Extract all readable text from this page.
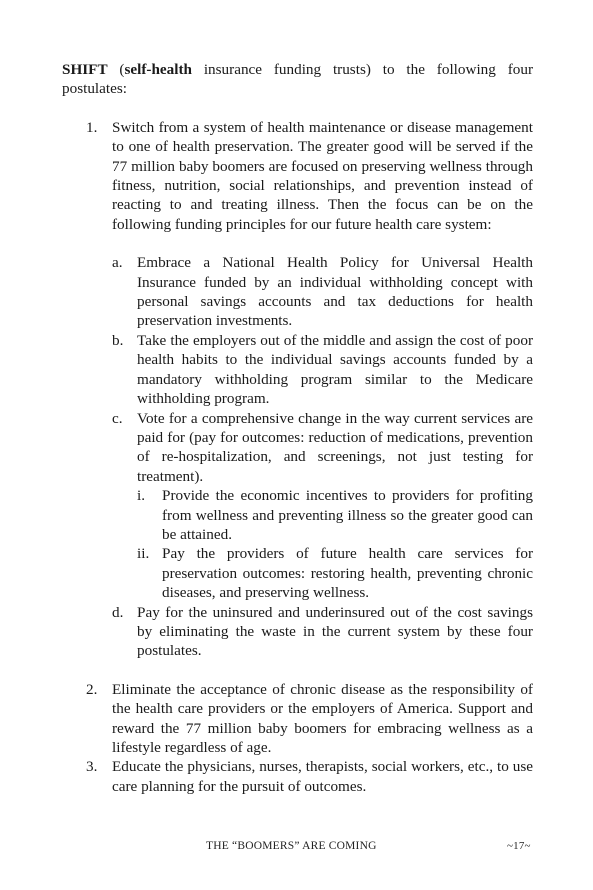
SHIFT (self-health insurance funding trusts) to the following four postulates:

1. Switch from a system of health maintenance or disease management to one of health preservation. The greater good will be served if the 77 million baby boomers are focused on preserving wellness through fitness, nutrition, social relationships, and prevention instead of reacting to and treating illness. Then the focus can be on the following funding principles for our future health care system:
a. Embrace a National Health Policy for Universal Health Insurance funded by an individual withholding concept with personal savings accounts and tax deductions for health preservation investments.
b. Take the employers out of the middle and assign the cost of poor health habits to the individual savings accounts funded by a mandatory withholding program similar to the Medicare withholding program.
c. Vote for a comprehensive change in the way current services are paid for (pay for outcomes: reduction of medications, prevention of re-hospitalization, and screenings, not just testing for treatment).
i. Provide the economic incentives to providers for profiting from wellness and preventing illness so the greater good can be attained.
ii. Pay the providers of future health care services for preservation outcomes: restoring health, preventing chronic diseases, and preserving wellness.
d. Pay for the uninsured and underinsured out of the cost savings by eliminating the waste in the current system by these four postulates.
2. Eliminate the acceptance of chronic disease as the responsibility of the health care providers or the employers of America. Support and reward the 77 million baby boomers for embracing wellness as a lifestyle regardless of age.
3. Educate the physicians, nurses, therapists, social workers, etc., to use care planning for the pursuit of outcomes.
THE “BOOMERS” ARE COMING	~17~
